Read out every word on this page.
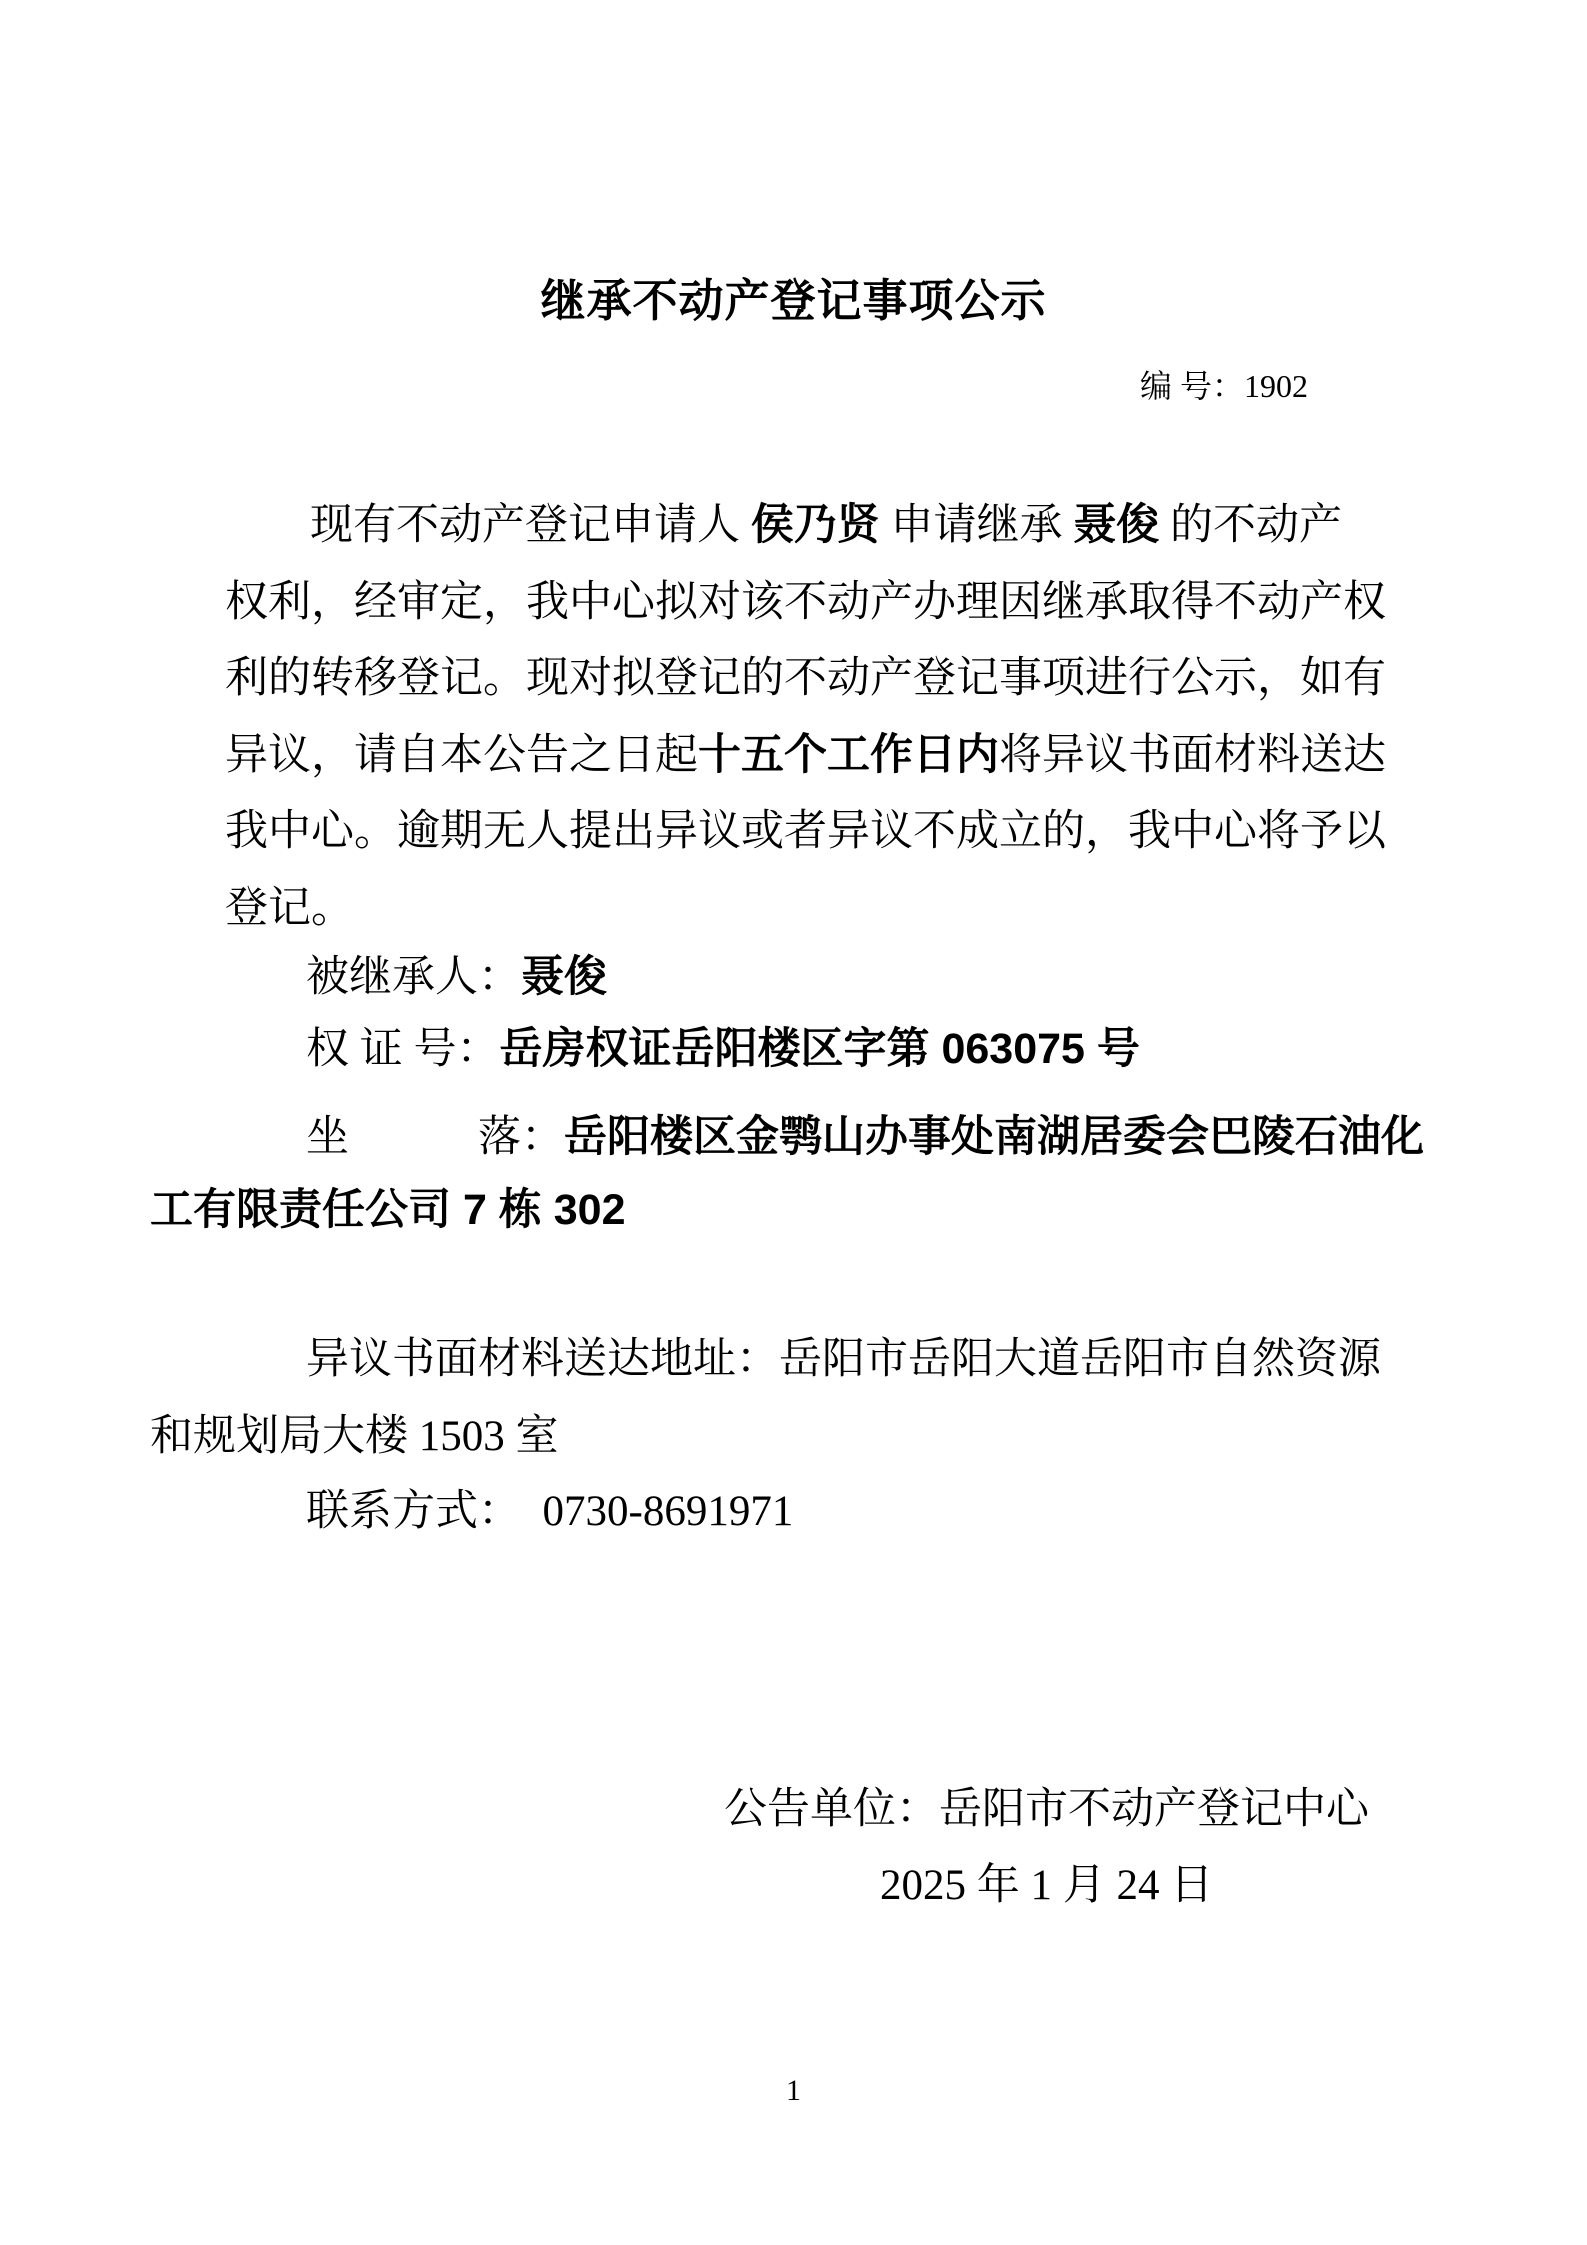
继承不动产登记事项公示
编 号：1902
现有不动产登记申请人 侯乃贤 申请继承 聂俊 的不动产
权利，经审定，我中心拟对该不动产办理因继承取得不动产权
利的转移登记。现对拟登记的不动产登记事项进行公示，如有
异议，请自本公告之日起十五个工作日内将异议书面材料送达
我中心。逾期无人提出异议或者异议不成立的，我中心将予以
登记。
被继承人：聂俊
权 证 号：岳房权证岳阳楼区字第 063075 号
坐　　　落：岳阳楼区金鹗山办事处南湖居委会巴陵石油化
工有限责任公司 7 栋 302
异议书面材料送达地址：岳阳市岳阳大道岳阳市自然资源
和规划局大楼 1503 室
联系方式：  0730-8691971
公告单位：岳阳市不动产登记中心
2025 年 1 月 24 日
1
